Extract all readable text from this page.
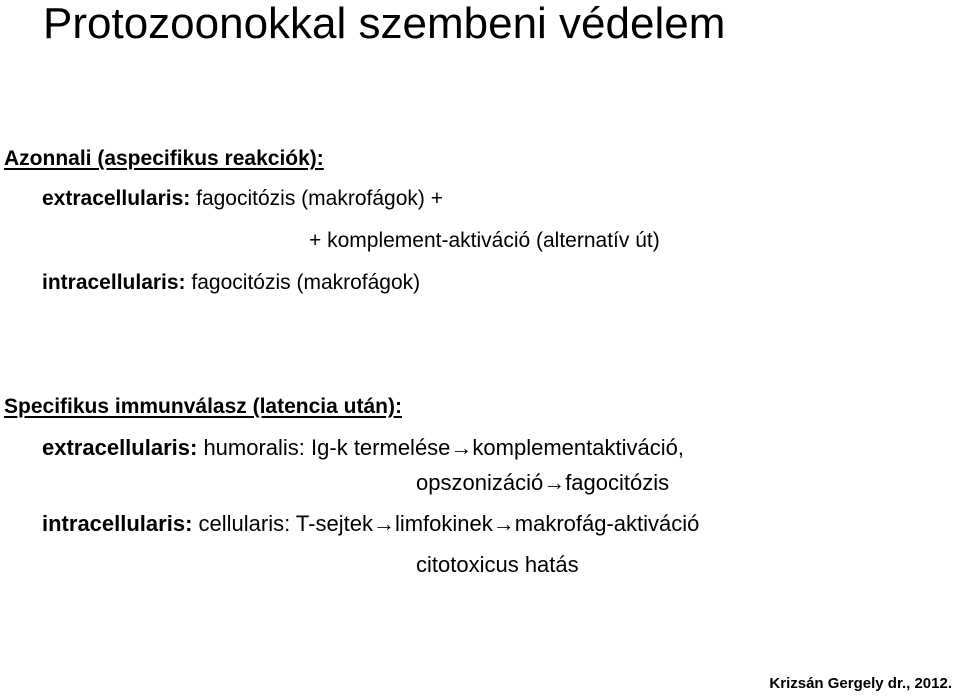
Protozoonokkal szembeni védelem
Azonnali (aspecifikus reakciók):
extracellularis: fagocitózis (makrofágok) +
+ komplement-aktiváció (alternatív út)
intracellularis: fagocitózis (makrofágok)
Specifikus immunválasz (latencia után):
extracellularis: humoralis: Ig-k termelése→komplementaktiváció,
opszonizáció→fagocitózis
intracellularis: cellularis: T-sejtek→limfokinek→makrofág-aktiváció
citotoxicus hatás
Krizsán Gergely dr., 2012.
